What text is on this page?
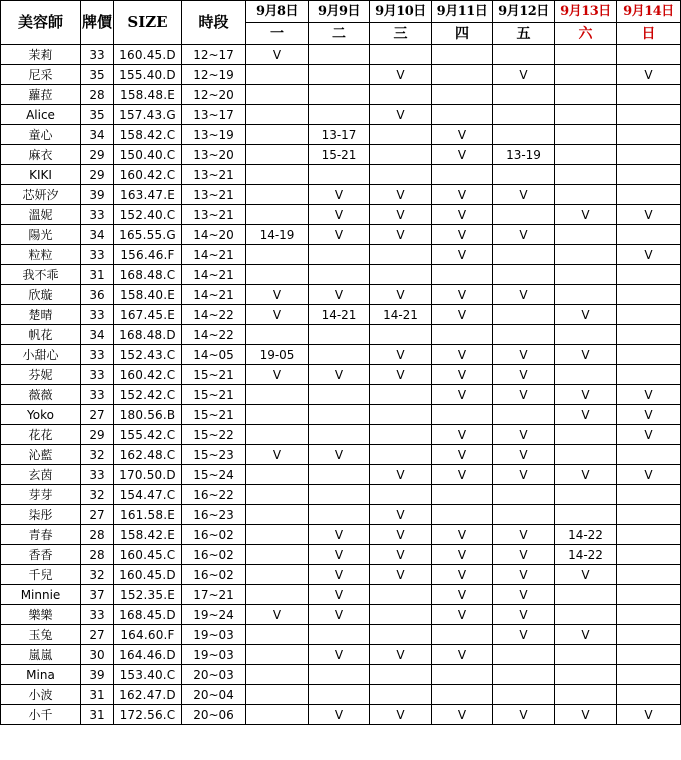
美容師	牌價	SIZE	時段	9月8日	9月9日	9月10日	9月11日	9月12日	9月13日	9月14日
				一	二	三	四	五	六	日
茉莉	33	160.45.D	12~17	V						
尼采	35	155.40.D	12~19			V		V		V
蘿菈	28	158.48.E	12~20							
Alice	35	157.43.G	13~17			V				
童心	34	158.42.C	13~19		13-17		V			
麻衣	29	150.40.C	13~20		15-21		V	13-19		
KIKI	29	160.42.C	13~21							
芯妍汐	39	163.47.E	13~21		V	V	V	V		
溫妮	33	152.40.C	13~21		V	V	V		V	V
陽光	34	165.55.G	14~20	14-19	V	V	V	V		
粒粒	33	156.46.F	14~21				V			V
我不乖	31	168.48.C	14~21							
欣璇	36	158.40.E	14~21	V	V	V	V	V		
楚晴	33	167.45.E	14~22	V	14-21	14-21	V		V	
帆花	34	168.48.D	14~22							
小甜心	33	152.43.C	14~05	19-05		V	V	V	V	
芬妮	33	160.42.C	15~21	V	V	V	V	V		
薇薇	33	152.42.C	15~21				V	V	V	V
Yoko	27	180.56.B	15~21						V	V
花花	29	155.42.C	15~22				V	V		V
沁藍	32	162.48.C	15~23	V	V		V	V		
玄茵	33	170.50.D	15~24			V	V	V	V	V
芽芽	32	154.47.C	16~22							
柒彤	27	161.58.E	16~23			V				
青春	28	158.42.E	16~02		V	V	V	V	14-22	
香香	28	160.45.C	16~02		V	V	V	V	14-22	
千兒	32	160.45.D	16~02		V	V	V	V	V	
Minnie	37	152.35.E	17~21		V		V	V		
樂樂	33	168.45.D	19~24	V	V		V	V		
玉兔	27	164.60.F	19~03					V	V	
嵐嵐	30	164.46.D	19~03		V	V	V			
Mina	39	153.40.C	20~03							
小波	31	162.47.D	20~04							
小千	31	172.56.C	20~06		V	V	V	V	V	V
